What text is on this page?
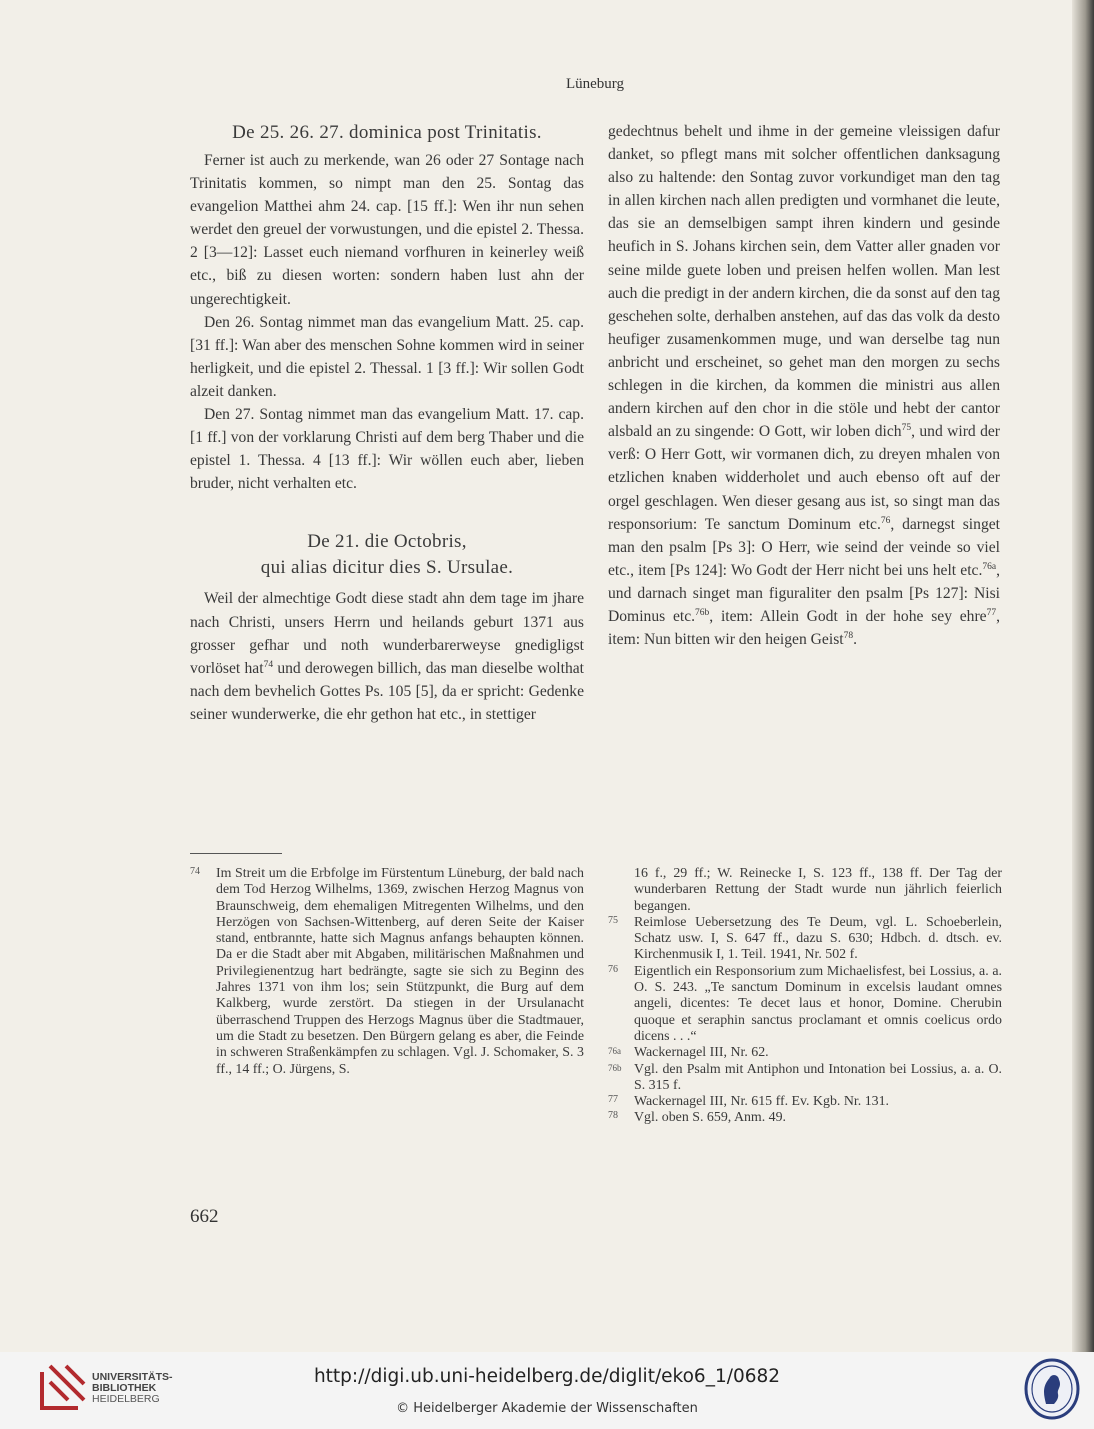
Lüneburg
De 25. 26. 27. dominica post Trinitatis.

Ferner ist auch zu merkende, wan 26 oder 27 Sontage nach Trinitatis kommen, so nimpt man den 25. Sontag das evangelion Matthei ahm 24. cap. [15 ff.]: Wen ihr nun sehen werdet den greuel der vorwustungen, und die epistel 2. Thessa. 2 [3—12]: Lasset euch niemand vorfhuren in keinerley weiß etc., biß zu diesen worten: sondern haben lust ahn der ungerechtigkeit.

Den 26. Sontag nimmet man das evangelium Matt. 25. cap. [31 ff.]: Wan aber des menschen Sohne kommen wird in seiner herligkeit, und die epistel 2. Thessal. 1 [3 ff.]: Wir sollen Godt alzeit danken.

Den 27. Sontag nimmet man das evangelium Matt. 17. cap. [1 ff.] von der vorklarung Christi auf dem berg Thaber und die epistel 1. Thessa. 4 [13 ff.]: Wir wöllen euch aber, lieben bruder, nicht verhalten etc.

De 21. die Octobris,
qui alias dicitur dies S. Ursulae.

Weil der almechtige Godt diese stadt ahn dem tage im jhare nach Christi, unsers Herrn und heilands geburt 1371 aus grosser gefhar und noth wunderbarerweyse gnedigligst vorlöset hat$^{74}$ und derowegen billich, das man dieselbe wolthat nach dem bevhelich Gottes Ps. 105 [5], da er spricht: Gedenke seiner wunderwerke, die ehr gethon hat etc., in stettiger

gedechtnus behelt und ihme in der gemeine vleissigen dafur danket, so pflegt mans mit solcher offentlichen danksagung also zu haltende: den Sontag zuvor vorkundiget man den tag in allen kirchen nach allen predigten und vormhanet die leute, das sie an demselbigen sampt ihren kindern und gesinde heufich in S. Johans kirchen sein, dem Vatter aller gnaden vor seine milde guete loben und preisen helfen wollen. Man lest auch die predigt in der andern kirchen, die da sonst auf den tag geschehen solte, derhalben anstehen, auf das das volk da desto heufiger zusamenkommen muge, und wan derselbe tag nun anbricht und erscheinet, so gehet man den morgen zu sechs schlegen in die kirchen, da kommen die ministri aus allen andern kirchen auf den chor in die stöle und hebt der cantor alsbald an zu singende: O Gott, wir loben dich$^{75}$, und wird der verß: O Herr Gott, wir vormanen dich, zu dreyen mhalen von etzlichen knaben widderholet und auch ebenso oft auf der orgel geschlagen. Wen dieser gesang aus ist, so singt man das responsorium: Te sanctum Dominum etc.$^{76}$, darnegst singet man den psalm [Ps 3]: O Herr, wie seind der veinde so viel etc., item [Ps 124]: Wo Godt der Herr nicht bei uns helt etc.$^{76a}$, und darnach singet man figuraliter den psalm [Ps 127]: Nisi Dominus etc.$^{76b}$, item: Allein Godt in der hohe sey ehre$^{77}$, item: Nun bitten wir den heigen Geist$^{78}$.

74 Im Streit um die Erbfolge im Fürstentum Lüneburg, der bald nach dem Tod Herzog Wilhelms, 1369, zwischen Herzog Magnus von Braunschweig, dem ehemaligen Mitregenten Wilhelms, und den Herzögen von Sachsen-Wittenberg, auf deren Seite der Kaiser stand, entbrannte, hatte sich Magnus anfangs behaupten können. Da er die Stadt aber mit Abgaben, militärischen Maßnahmen und Privilegienentzug hart bedrängte, sagte sie sich zu Beginn des Jahres 1371 von ihm los; sein Stützpunkt, die Burg auf dem Kalkberg, wurde zerstört. Da stiegen in der Ursulanacht überraschend Truppen des Herzogs Magnus über die Stadtmauer, um die Stadt zu besetzen. Den Bürgern gelang es aber, die Feinde in schweren Straßenkämpfen zu schlagen. Vgl. J. Schomaker, S. 3 ff., 14 ff.; O. Jürgens, S.
16 f., 29 ff.; W. Reinecke I, S. 123 ff., 138 ff. Der Tag der wunderbaren Rettung der Stadt wurde nun jährlich feierlich begangen.
75 Reimlose Uebersetzung des Te Deum, vgl. L. Schoeberlein, Schatz usw. I, S. 647 ff., dazu S. 630; Hdbch. d. dtsch. ev. Kirchenmusik I, 1. Teil. 1941, Nr. 502 f.
76 Eigentlich ein Responsorium zum Michaelisfest, bei Lossius, a. a. O. S. 243. „Te sanctum Dominum in excelsis laudant omnes angeli, dicentes: Te decet laus et honor, Domine. Cherubin quoque et seraphin sanctus proclamant et omnis coelicus ordo dicens . . .“
76a Wackernagel III, Nr. 62.
76b Vgl. den Psalm mit Antiphon und Intonation bei Lossius, a. a. O. S. 315 f.
77 Wackernagel III, Nr. 615 ff. Ev. Kgb. Nr. 131.
78 Vgl. oben S. 659, Anm. 49.
662
UNIVERSITÄTS-
BIBLIOTHEK
HEIDELBERG
http://digi.ub.uni-heidelberg.de/diglit/eko6_1/0682
© Heidelberger Akademie der Wissenschaften
